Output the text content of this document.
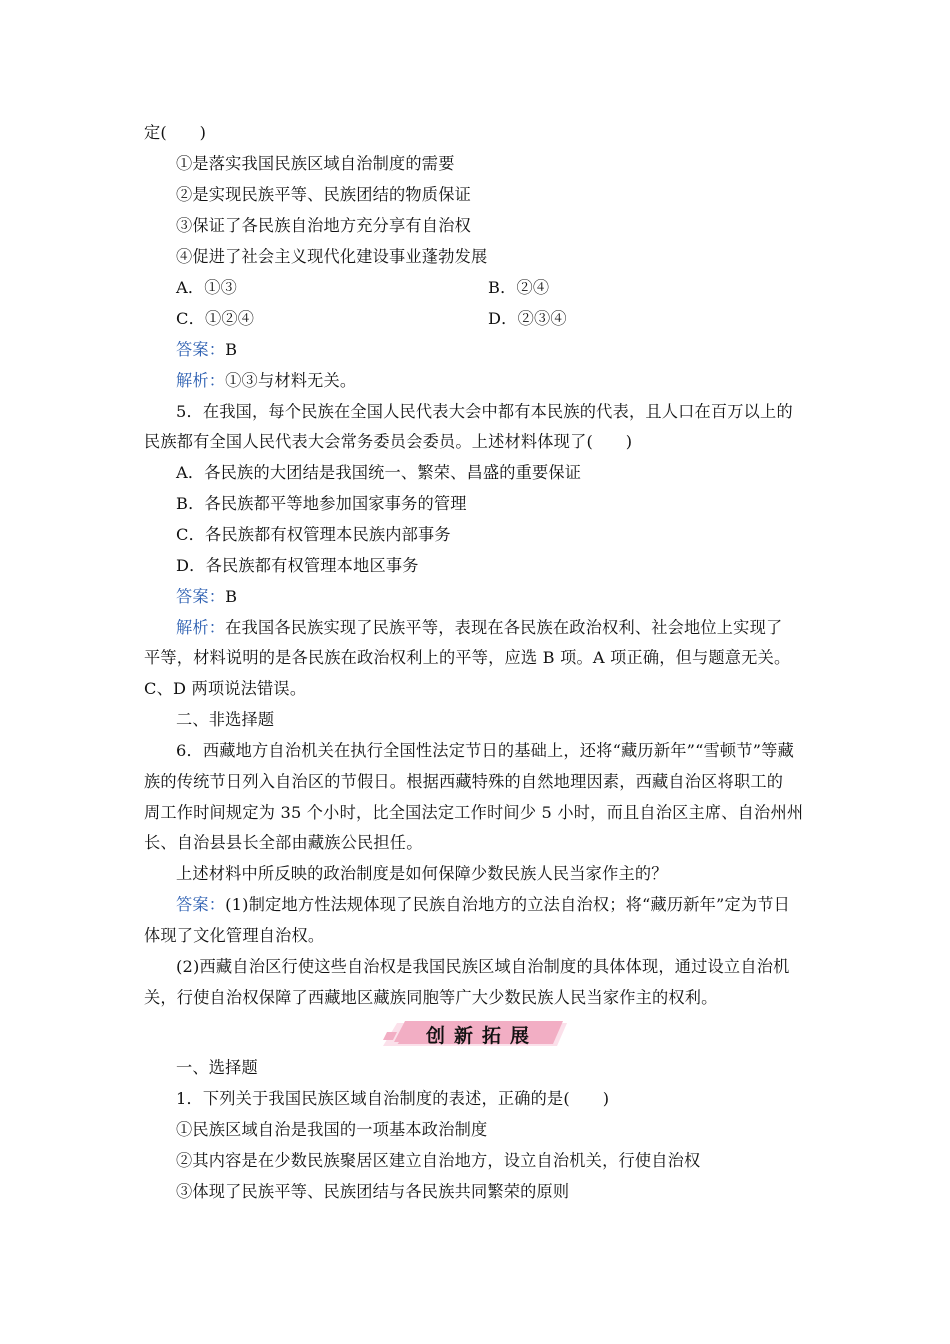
定(　　)
①是落实我国民族区域自治制度的需要
②是实现民族平等、民族团结的物质保证
③保证了各民族自治地方充分享有自治权
④促进了社会主义现代化建设事业蓬勃发展
A．①③	B．②④
C．①②④	D．②③④
答案：B
解析：①③与材料无关。
5．在我国，每个民族在全国人民代表大会中都有本民族的代表，且人口在百万以上的
民族都有全国人民代表大会常务委员会委员。上述材料体现了(　　)
A．各民族的大团结是我国统一、繁荣、昌盛的重要保证
B．各民族都平等地参加国家事务的管理
C．各民族都有权管理本民族内部事务
D．各民族都有权管理本地区事务
答案：B
解析：在我国各民族实现了民族平等，表现在各民族在政治权利、社会地位上实现了
平等，材料说明的是各民族在政治权利上的平等，应选 B 项。A 项正确，但与题意无关。
C、D 两项说法错误。
二、非选择题
6．西藏地方自治机关在执行全国性法定节日的基础上，还将“藏历新年”“雪顿节”等藏
族的传统节日列入自治区的节假日。根据西藏特殊的自然地理因素，西藏自治区将职工的
周工作时间规定为 35 个小时，比全国法定工作时间少 5 小时，而且自治区主席、自治州州
长、自治县县长全部由藏族公民担任。
上述材料中所反映的政治制度是如何保障少数民族人民当家作主的？
答案：(1)制定地方性法规体现了民族自治地方的立法自治权；将“藏历新年”定为节日
体现了文化管理自治权。
(2)西藏自治区行使这些自治权是我国民族区域自治制度的具体体现，通过设立自治机
关，行使自治权保障了西藏地区藏族同胞等广大少数民族人民当家作主的权利。
创新拓展
一、选择题
1．下列关于我国民族区域自治制度的表述，正确的是(　　)
①民族区域自治是我国的一项基本政治制度
②其内容是在少数民族聚居区建立自治地方，设立自治机关，行使自治权
③体现了民族平等、民族团结与各民族共同繁荣的原则
